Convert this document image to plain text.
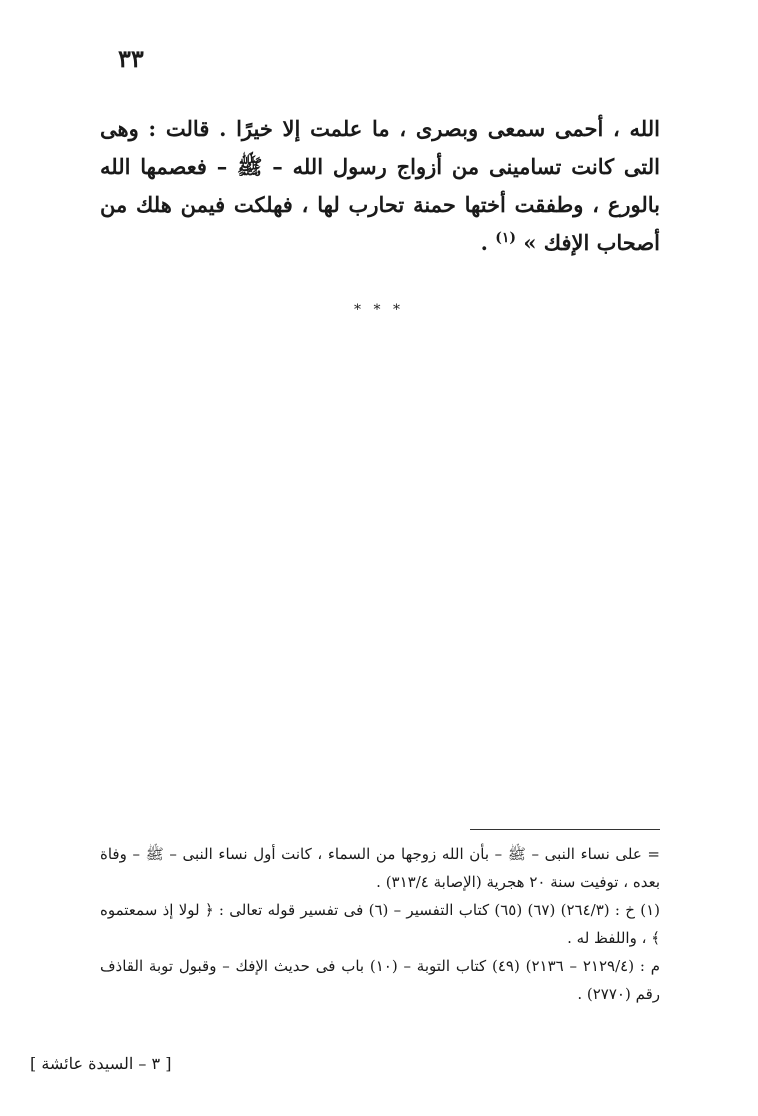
٣٣

الله ، أحمى سمعى وبصرى ، ما علمت إلا خيرًا . قالت : وهى التى كانت تسامينى من أزواج رسول الله – ﷺ – فعصمها الله بالورع ، وطفقت أختها حمنة تحارب لها ، فهلكت فيمن هلك من أصحاب الإفك » $^{(١)}$ .

* * *

= على نساء النبى – ﷺ – بأن الله زوجها من السماء ، كانت أول نساء النبى – ﷺ – وفاة بعده ، توفيت سنة ٢٠ هجرية (الإصابة ٣١٣/٤) .

(١) خ : (٢٦٤/٣) (٦٧) (٦٥) كتاب التفسير – (٦) فى تفسير قوله تعالى : ﴿ لولا إذ سمعتموه ﴾ ، واللفظ له .

م : (٢١٢٩/٤ – ٢١٣٦) (٤٩) كتاب التوبة – (١٠) باب فى حديث الإفك – وقبول توبة القاذف رقم (٢٧٧٠) .

[ ٣ – السيدة عائشة ]
